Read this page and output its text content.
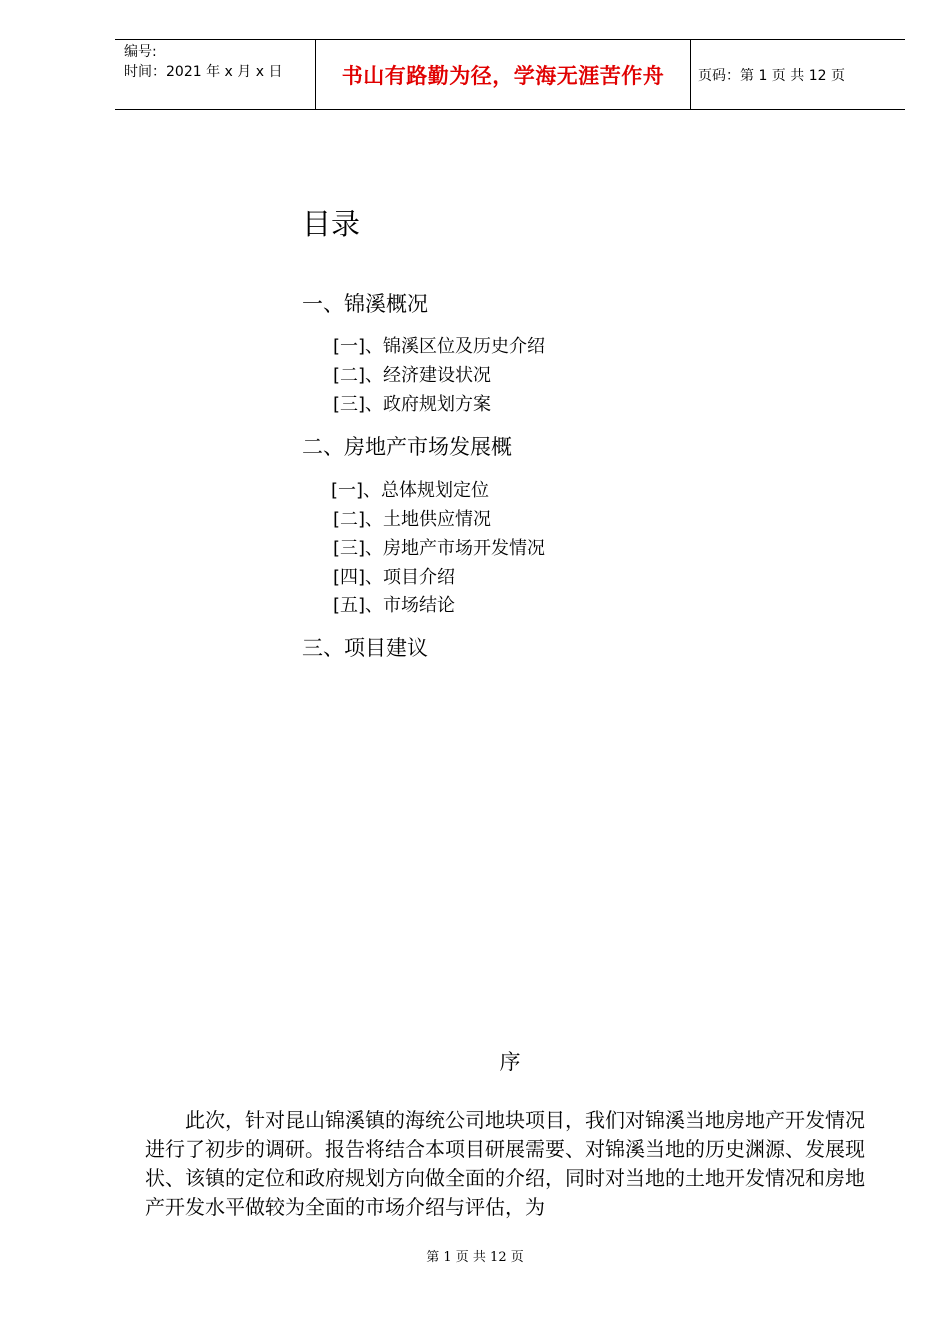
编号:
时间：2021 年 x 月 x 日	书山有路勤为径，学海无涯苦作舟 页码：第 1 页 共 12 页
目录
一、锦溪概况
[一]、锦溪区位及历史介绍
[二]、经济建设状况
[三]、政府规划方案
二、房地产市场发展概
[一]、总体规划定位
[二]、土地供应情况
[三]、房地产市场开发情况
[四]、项目介绍
[五]、市场结论
三、项目建议
序

此次，针对昆山锦溪镇的海统公司地块项目，我们对锦溪当地房地产开发情况进行了初步的调研。报告将结合本项目研展需要、对锦溪当地的历史渊源、发展现状、该镇的定位和政府规划方向做全面的介绍，同时对当地的土地开发情况和房地产开发水平做较为全面的市场介绍与评估，为

第 1 页 共 12 页
